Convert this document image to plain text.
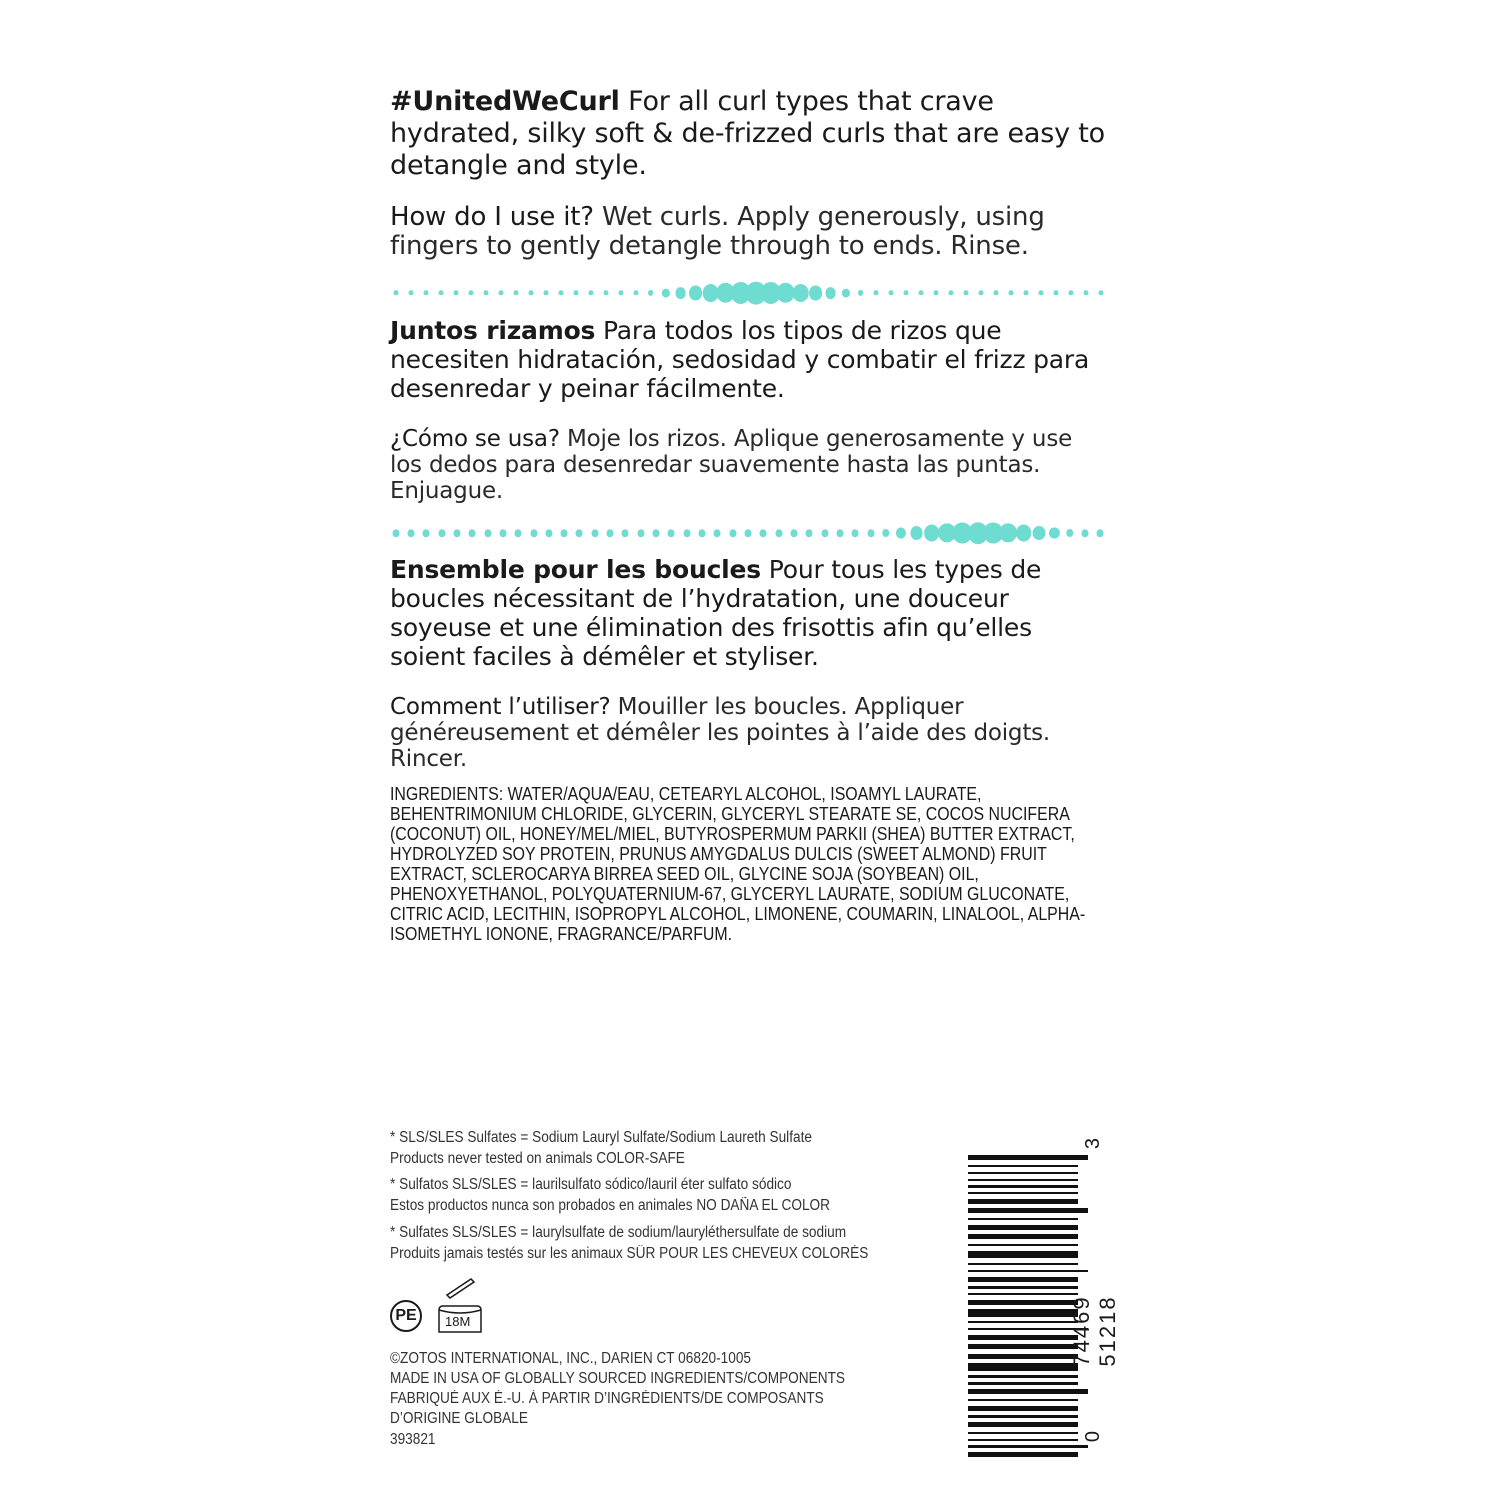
#UnitedWeCurl For all curl types that crave hydrated, silky soft & de-frizzed curls that are easy to detangle and style.

How do I use it? Wet curls. Apply generously, using fingers to gently detangle through to ends. Rinse.

Juntos rizamos Para todos los tipos de rizos que necesiten hidratación, sedosidad y combatir el frizz para desenredar y peinar fácilmente.

¿Cómo se usa? Moje los rizos. Aplique generosamente y use los dedos para desenredar suavemente hasta las puntas. Enjuague.

Ensemble pour les boucles Pour tous les types de boucles nécessitant de l’hydratation, une douceur soyeuse et une élimination des frisottis afin qu’elles soient faciles à démêler et styliser.

Comment l’utiliser? Mouiller les boucles. Appliquer généreusement et démêler les pointes à l’aide des doigts. Rincer.

INGREDIENTS: WATER/AQUA/EAU, CETEARYL ALCOHOL, ISOAMYL LAURATE, BEHENTRIMONIUM CHLORIDE, GLYCERIN, GLYCERYL STEARATE SE, COCOS NUCIFERA (COCONUT) OIL, HONEY/MEL/MIEL, BUTYROSPERMUM PARKII (SHEA) BUTTER EXTRACT, HYDROLYZED SOY PROTEIN, PRUNUS AMYGDALUS DULCIS (SWEET ALMOND) FRUIT EXTRACT, SCLEROCARYA BIRREA SEED OIL, GLYCINE SOJA (SOYBEAN) OIL, PHENOXYETHANOL, POLYQUATERNIUM-67, GLYCERYL LAURATE, SODIUM GLUCONATE, CITRIC ACID, LECITHIN, ISOPROPYL ALCOHOL, LIMONENE, COUMARIN, LINALOOL, ALPHA-ISOMETHYL IONONE, FRAGRANCE/PARFUM.

* SLS/SLES Sulfates = Sodium Lauryl Sulfate/Sodium Laureth Sulfate
Products never tested on animals COLOR-SAFE
* Sulfatos SLS/SLES = laurilsulfato sódico/lauril éter sulfato sódico
Estos productos nunca son probados en animales NO DAÑA EL COLOR
* Sulfates SLS/SLES = laurylsulfate de sodium/lauryléthersulfate de sodium
Produits jamais testés sur les animaux SÛR POUR LES CHEVEUX COLORÉS
PE 18M
©ZOTOS INTERNATIONAL, INC., DARIEN CT 06820-1005
MADE IN USA OF GLOBALLY SOURCED INGREDIENTS/COMPONENTS
FABRIQUÉ AUX É.-U. À PARTIR D’INGRÉDIENTS/DE COMPOSANTS
D’ORIGINE GLOBALE
393821
3
74469 51218
0
